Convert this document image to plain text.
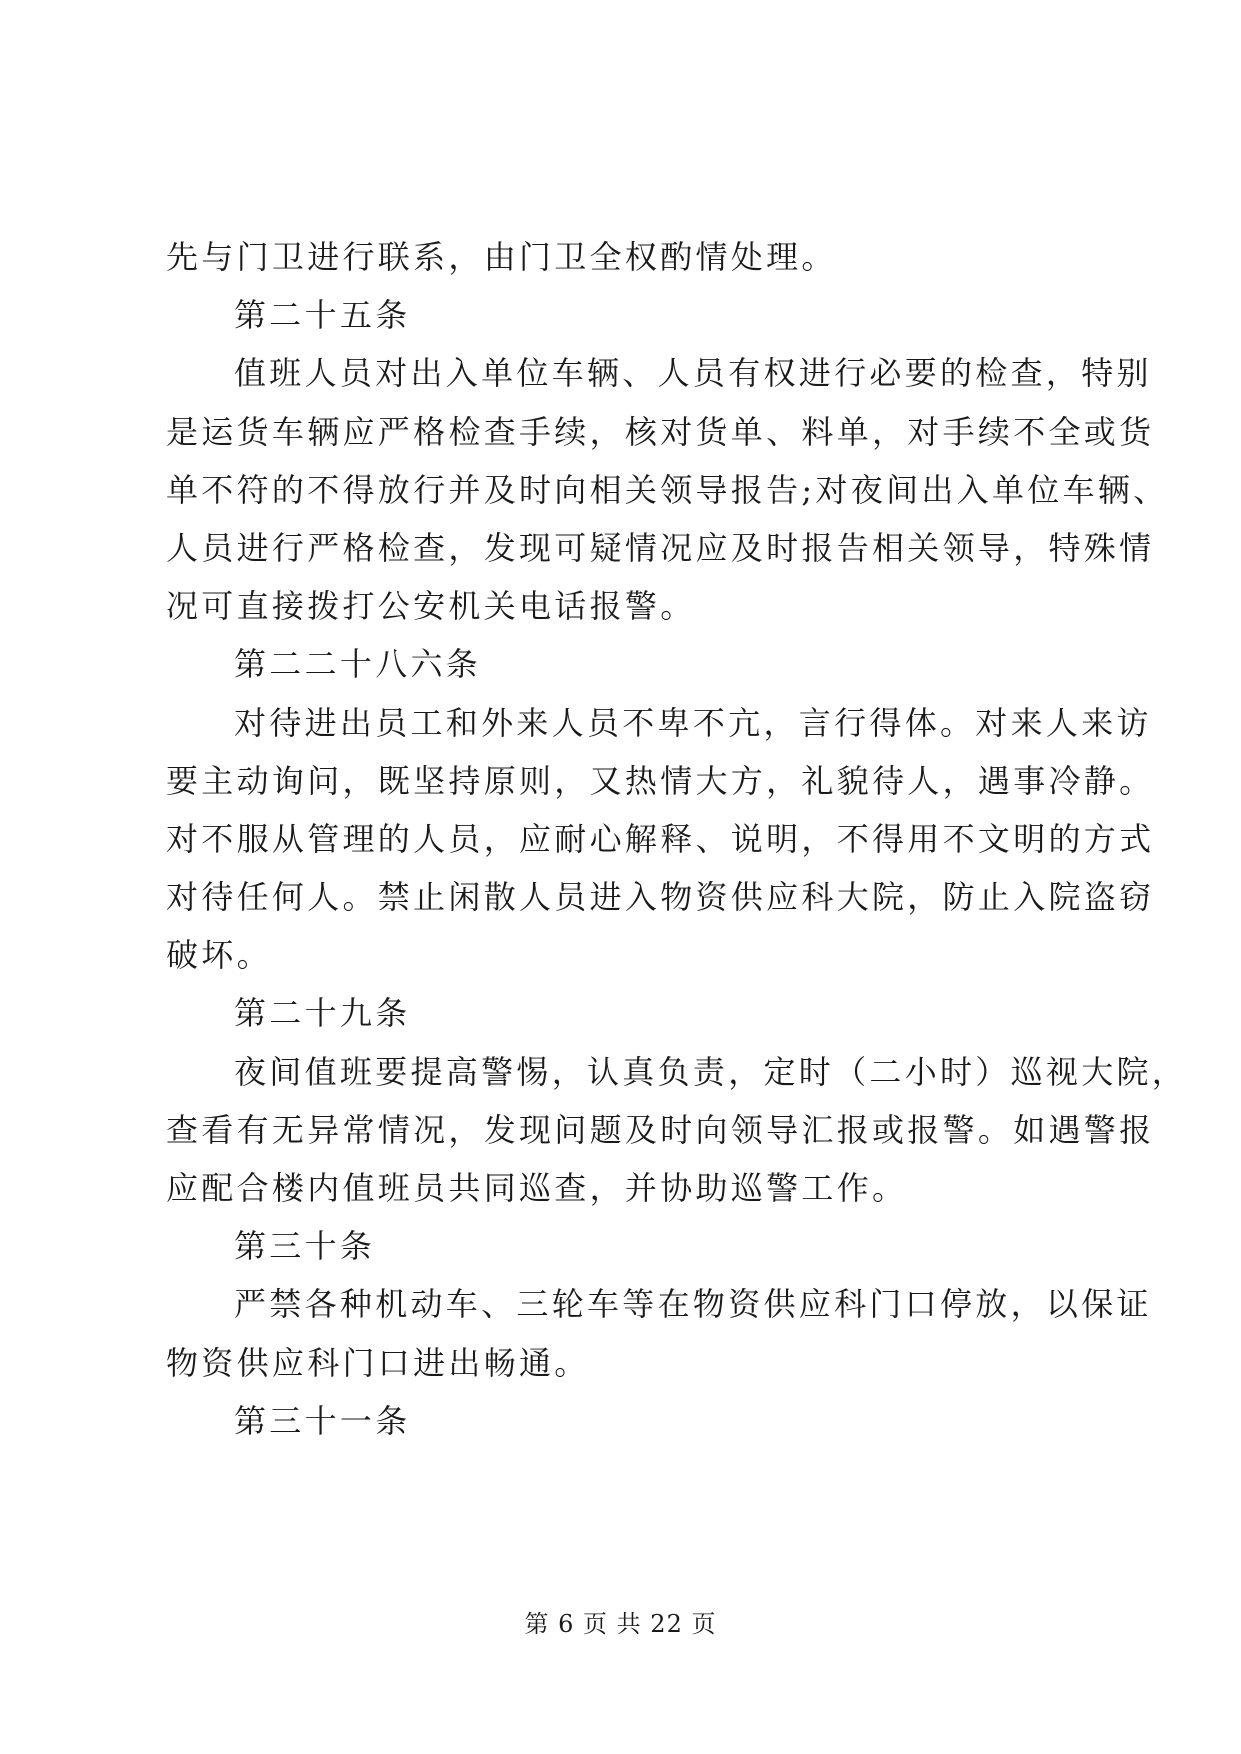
先与门卫进行联系，由门卫全权酌情处理。
第二十五条
值班人员对出入单位车辆、人员有权进行必要的检查，特别
是运货车辆应严格检查手续，核对货单、料单，对手续不全或货
单不符的不得放行并及时向相关领导报告;对夜间出入单位车辆、
人员进行严格检查，发现可疑情况应及时报告相关领导，特殊情
况可直接拨打公安机关电话报警。
第二二十八六条
对待进出员工和外来人员不卑不亢，言行得体。对来人来访
要主动询问，既坚持原则，又热情大方，礼貌待人，遇事冷静。
对不服从管理的人员，应耐心解释、说明，不得用不文明的方式
对待任何人。禁止闲散人员进入物资供应科大院，防止入院盗窃
破坏。
第二十九条
夜间值班要提高警惕，认真负责，定时（二小时）巡视大院，
查看有无异常情况，发现问题及时向领导汇报或报警。如遇警报
应配合楼内值班员共同巡查，并协助巡警工作。
第三十条
严禁各种机动车、三轮车等在物资供应科门口停放，以保证
物资供应科门口进出畅通。
第三十一条
第 6 页 共 22 页
